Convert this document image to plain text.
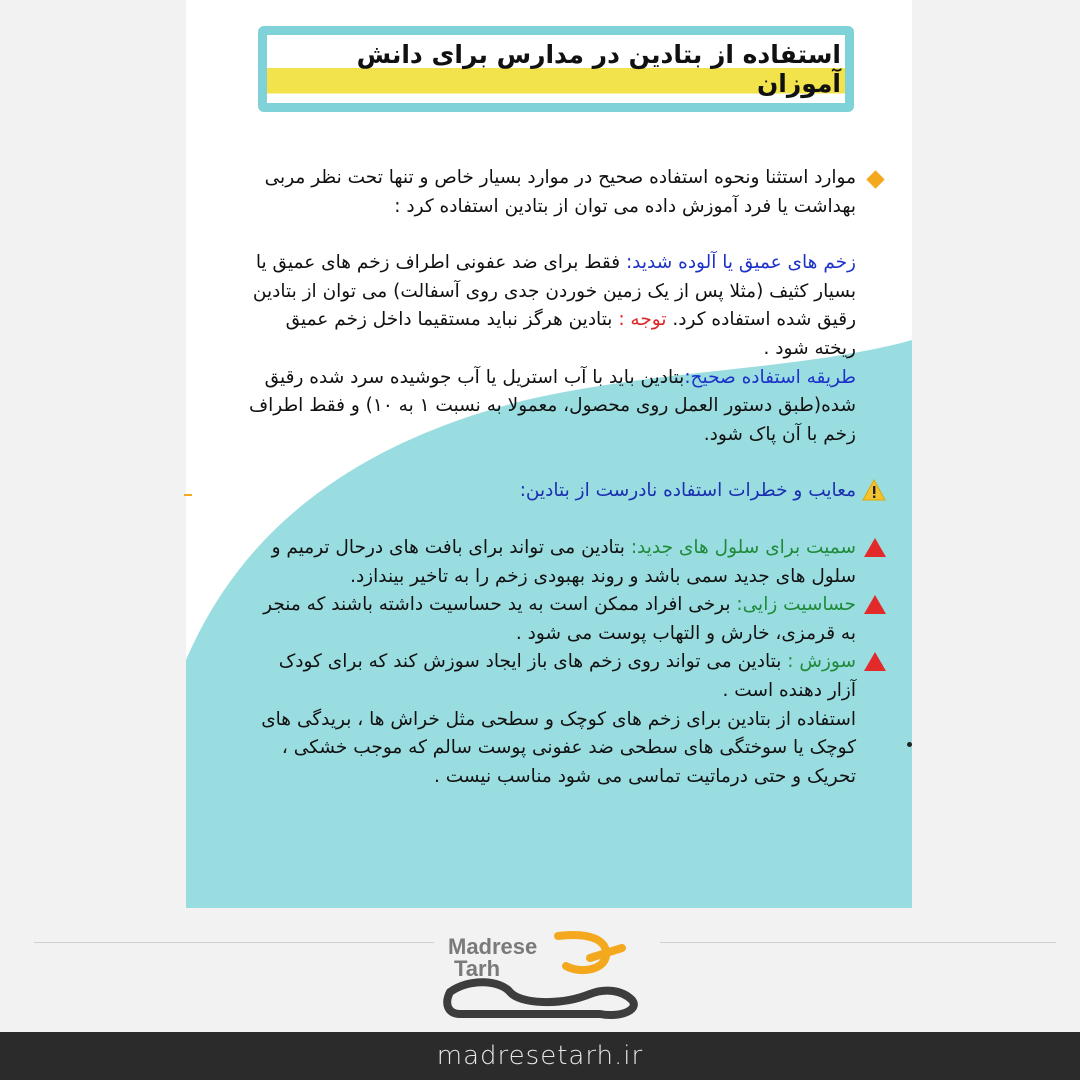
استفاده از بتادین در مدارس برای دانش آموزان

موارد استثنا ونحوه استفاده صحیح در موارد بسیار خاص و تنها تحت نظر مربی بهداشت یا فرد آموزش داده می توان از بتادین استفاده کرد :

زخم های عمیق یا آلوده شدید: فقط برای ضد عفونی اطراف زخم های عمیق یا بسیار کثیف (مثلا پس از یک زمین خوردن جدی روی آسفالت) می توان از بتادین رقیق شده استفاده کرد. توجه : بتادین هرگز نباید مستقیما داخل زخم عمیق ریخته شود .

طریقه استفاده صحیح:بتادین باید با آب استریل یا آب جوشیده سرد شده رقیق شده(طبق دستور العمل روی محصول، معمولا به نسبت ۱ به ۱۰) و فقط اطراف زخم با آن پاک شود.

معایب و خطرات استفاده نادرست از بتادین:

سمیت برای سلول های جدید: بتادین می تواند برای بافت های درحال ترمیم و سلول های جدید سمی باشد و روند بهبودی زخم را به تاخیر بیندازد.

حساسیت زایی: برخی افراد ممکن است به ید حساسیت داشته باشند که منجر به قرمزی، خارش و التهاب پوست می شود .

سوزش : بتادین می تواند روی زخم های باز ایجاد سوزش کند که برای کودک آزار دهنده است .

استفاده از بتادین برای زخم های کوچک و سطحی مثل خراش ها ، بریدگی های کوچک یا سوختگی های سطحی ضد عفونی پوست سالم که موجب خشکی ، تحریک و حتی درماتیت تماسی می شود مناسب نیست .

Madrese
Tarh
madresetarh.ir
